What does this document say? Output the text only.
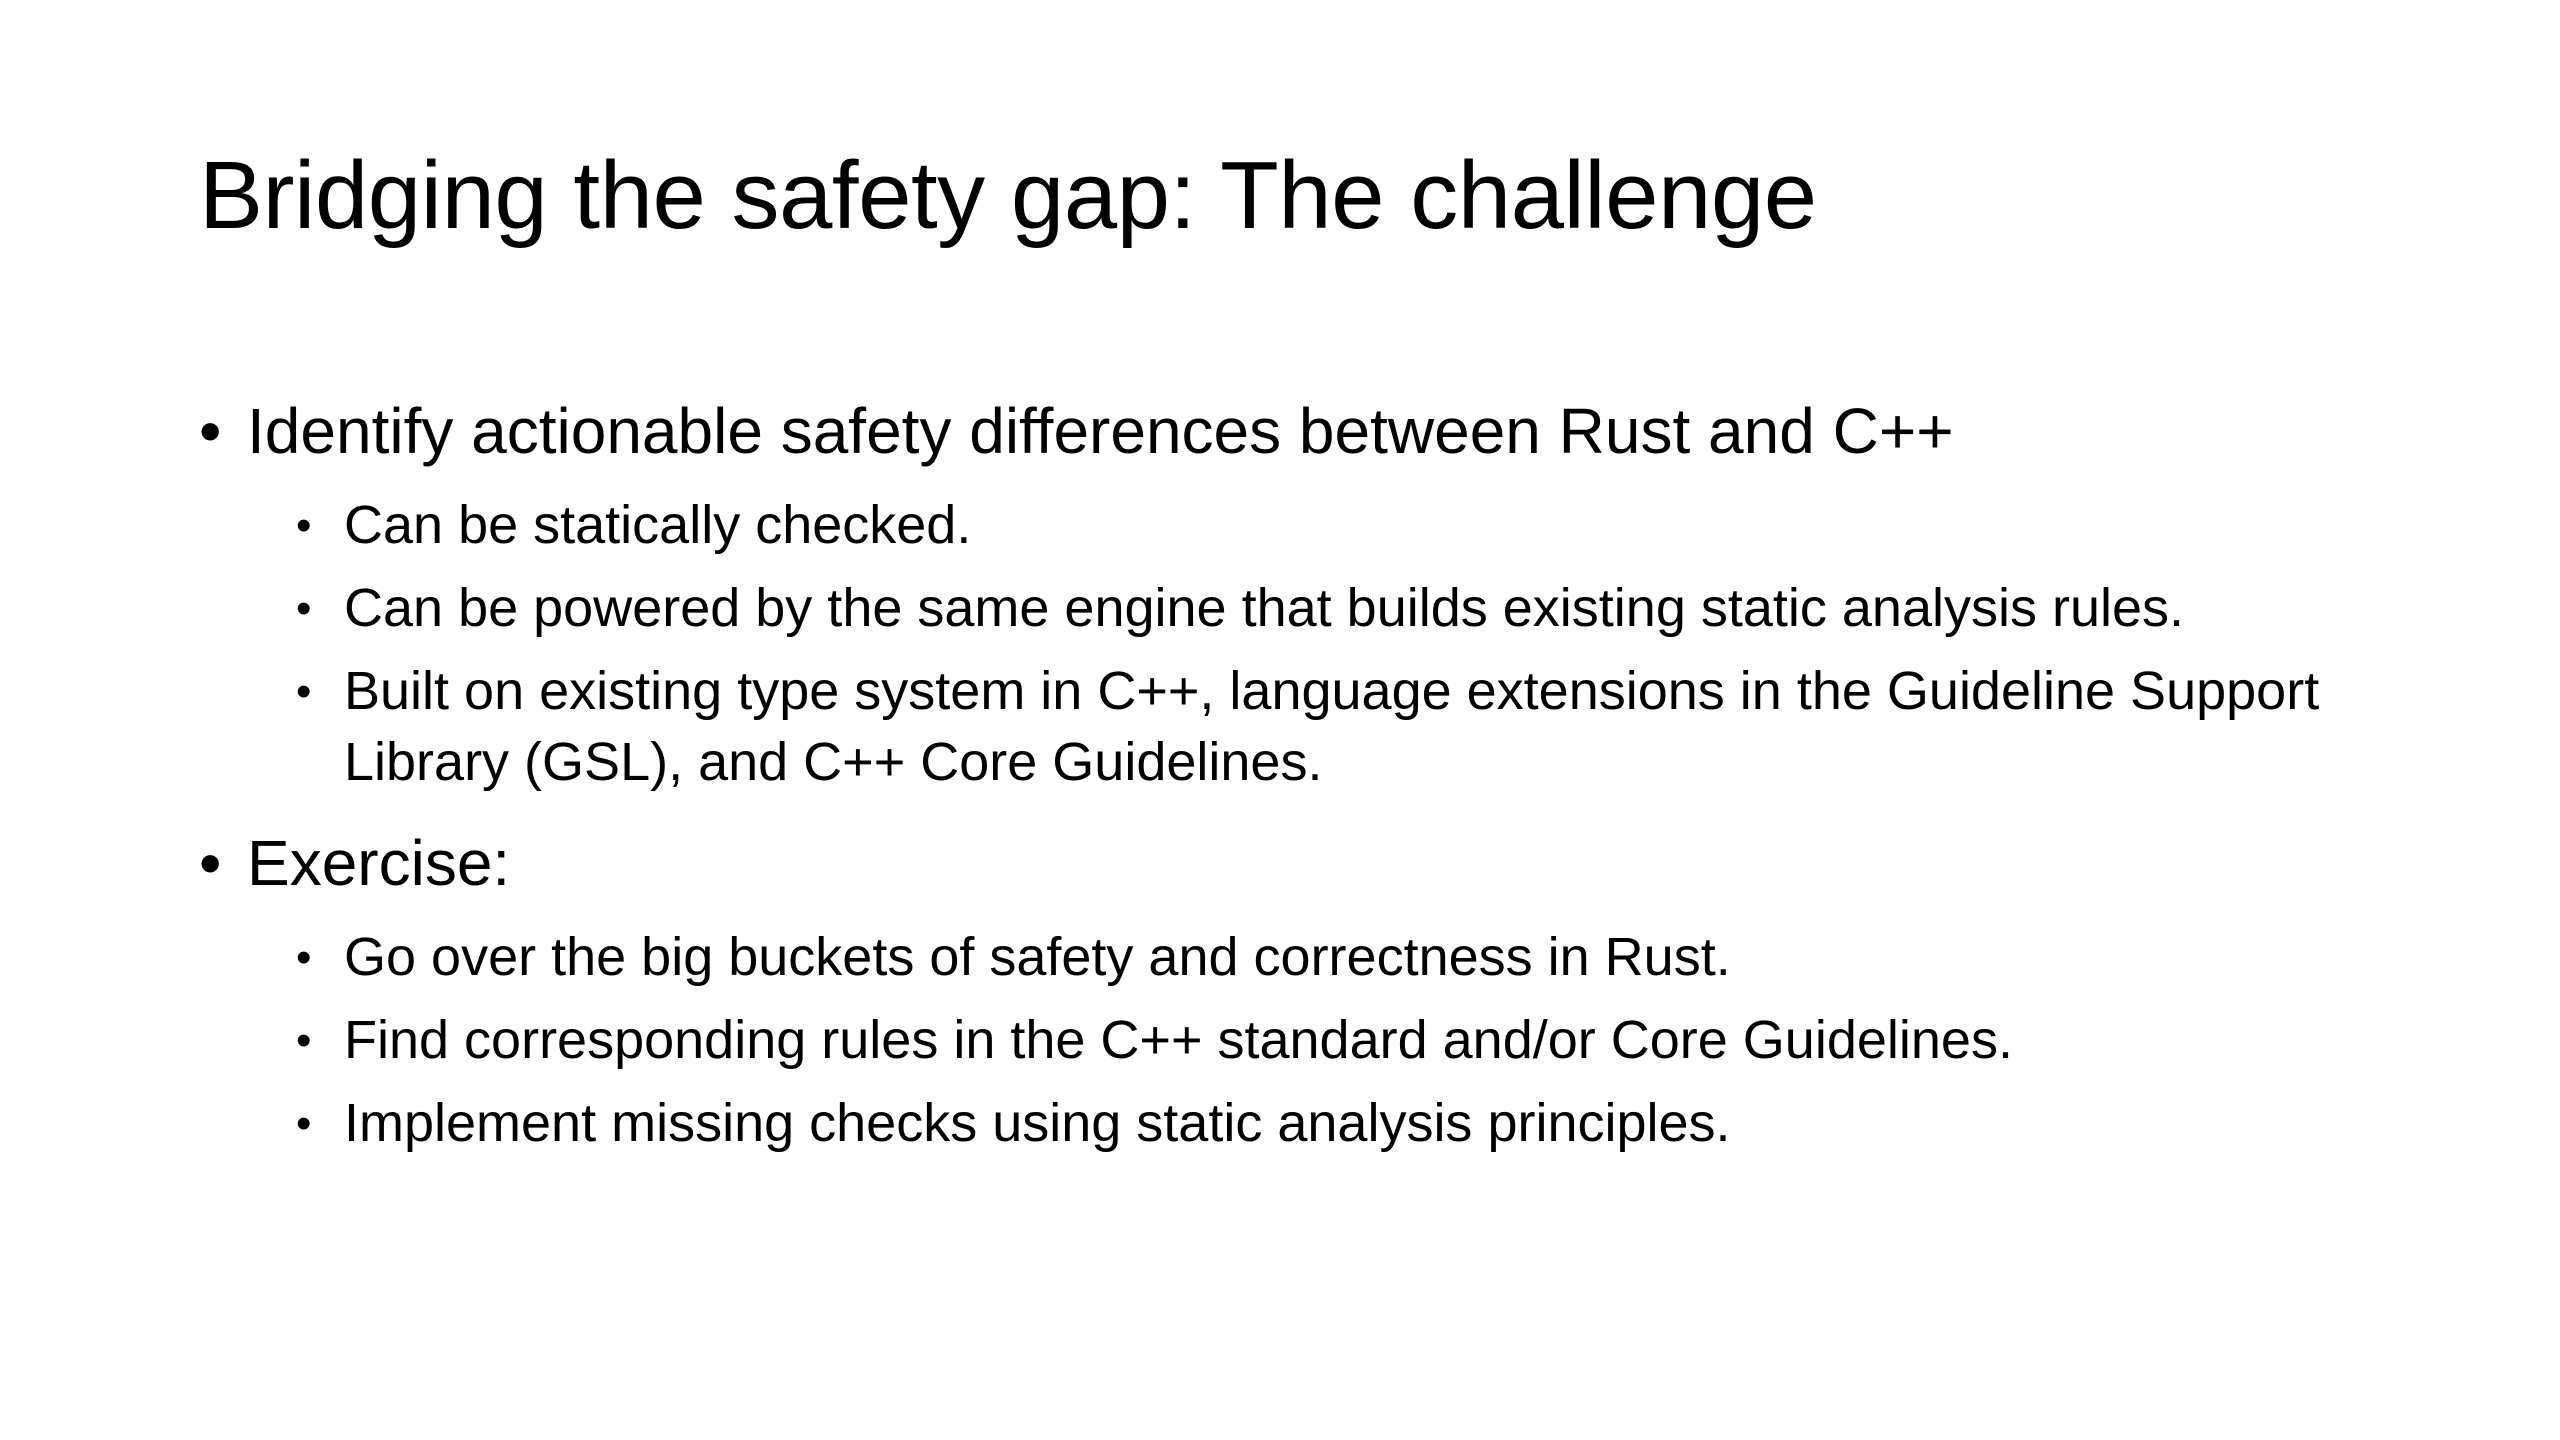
Bridging the safety gap: The challenge
• Identify actionable safety differences between Rust and C++
• Can be statically checked.
• Can be powered by the same engine that builds existing static analysis rules.
• Built on existing type system in C++, language extensions in the Guideline Support Library (GSL), and C++ Core Guidelines.
• Exercise:
• Go over the big buckets of safety and correctness in Rust.
• Find corresponding rules in the C++ standard and/or Core Guidelines.
• Implement missing checks using static analysis principles.
